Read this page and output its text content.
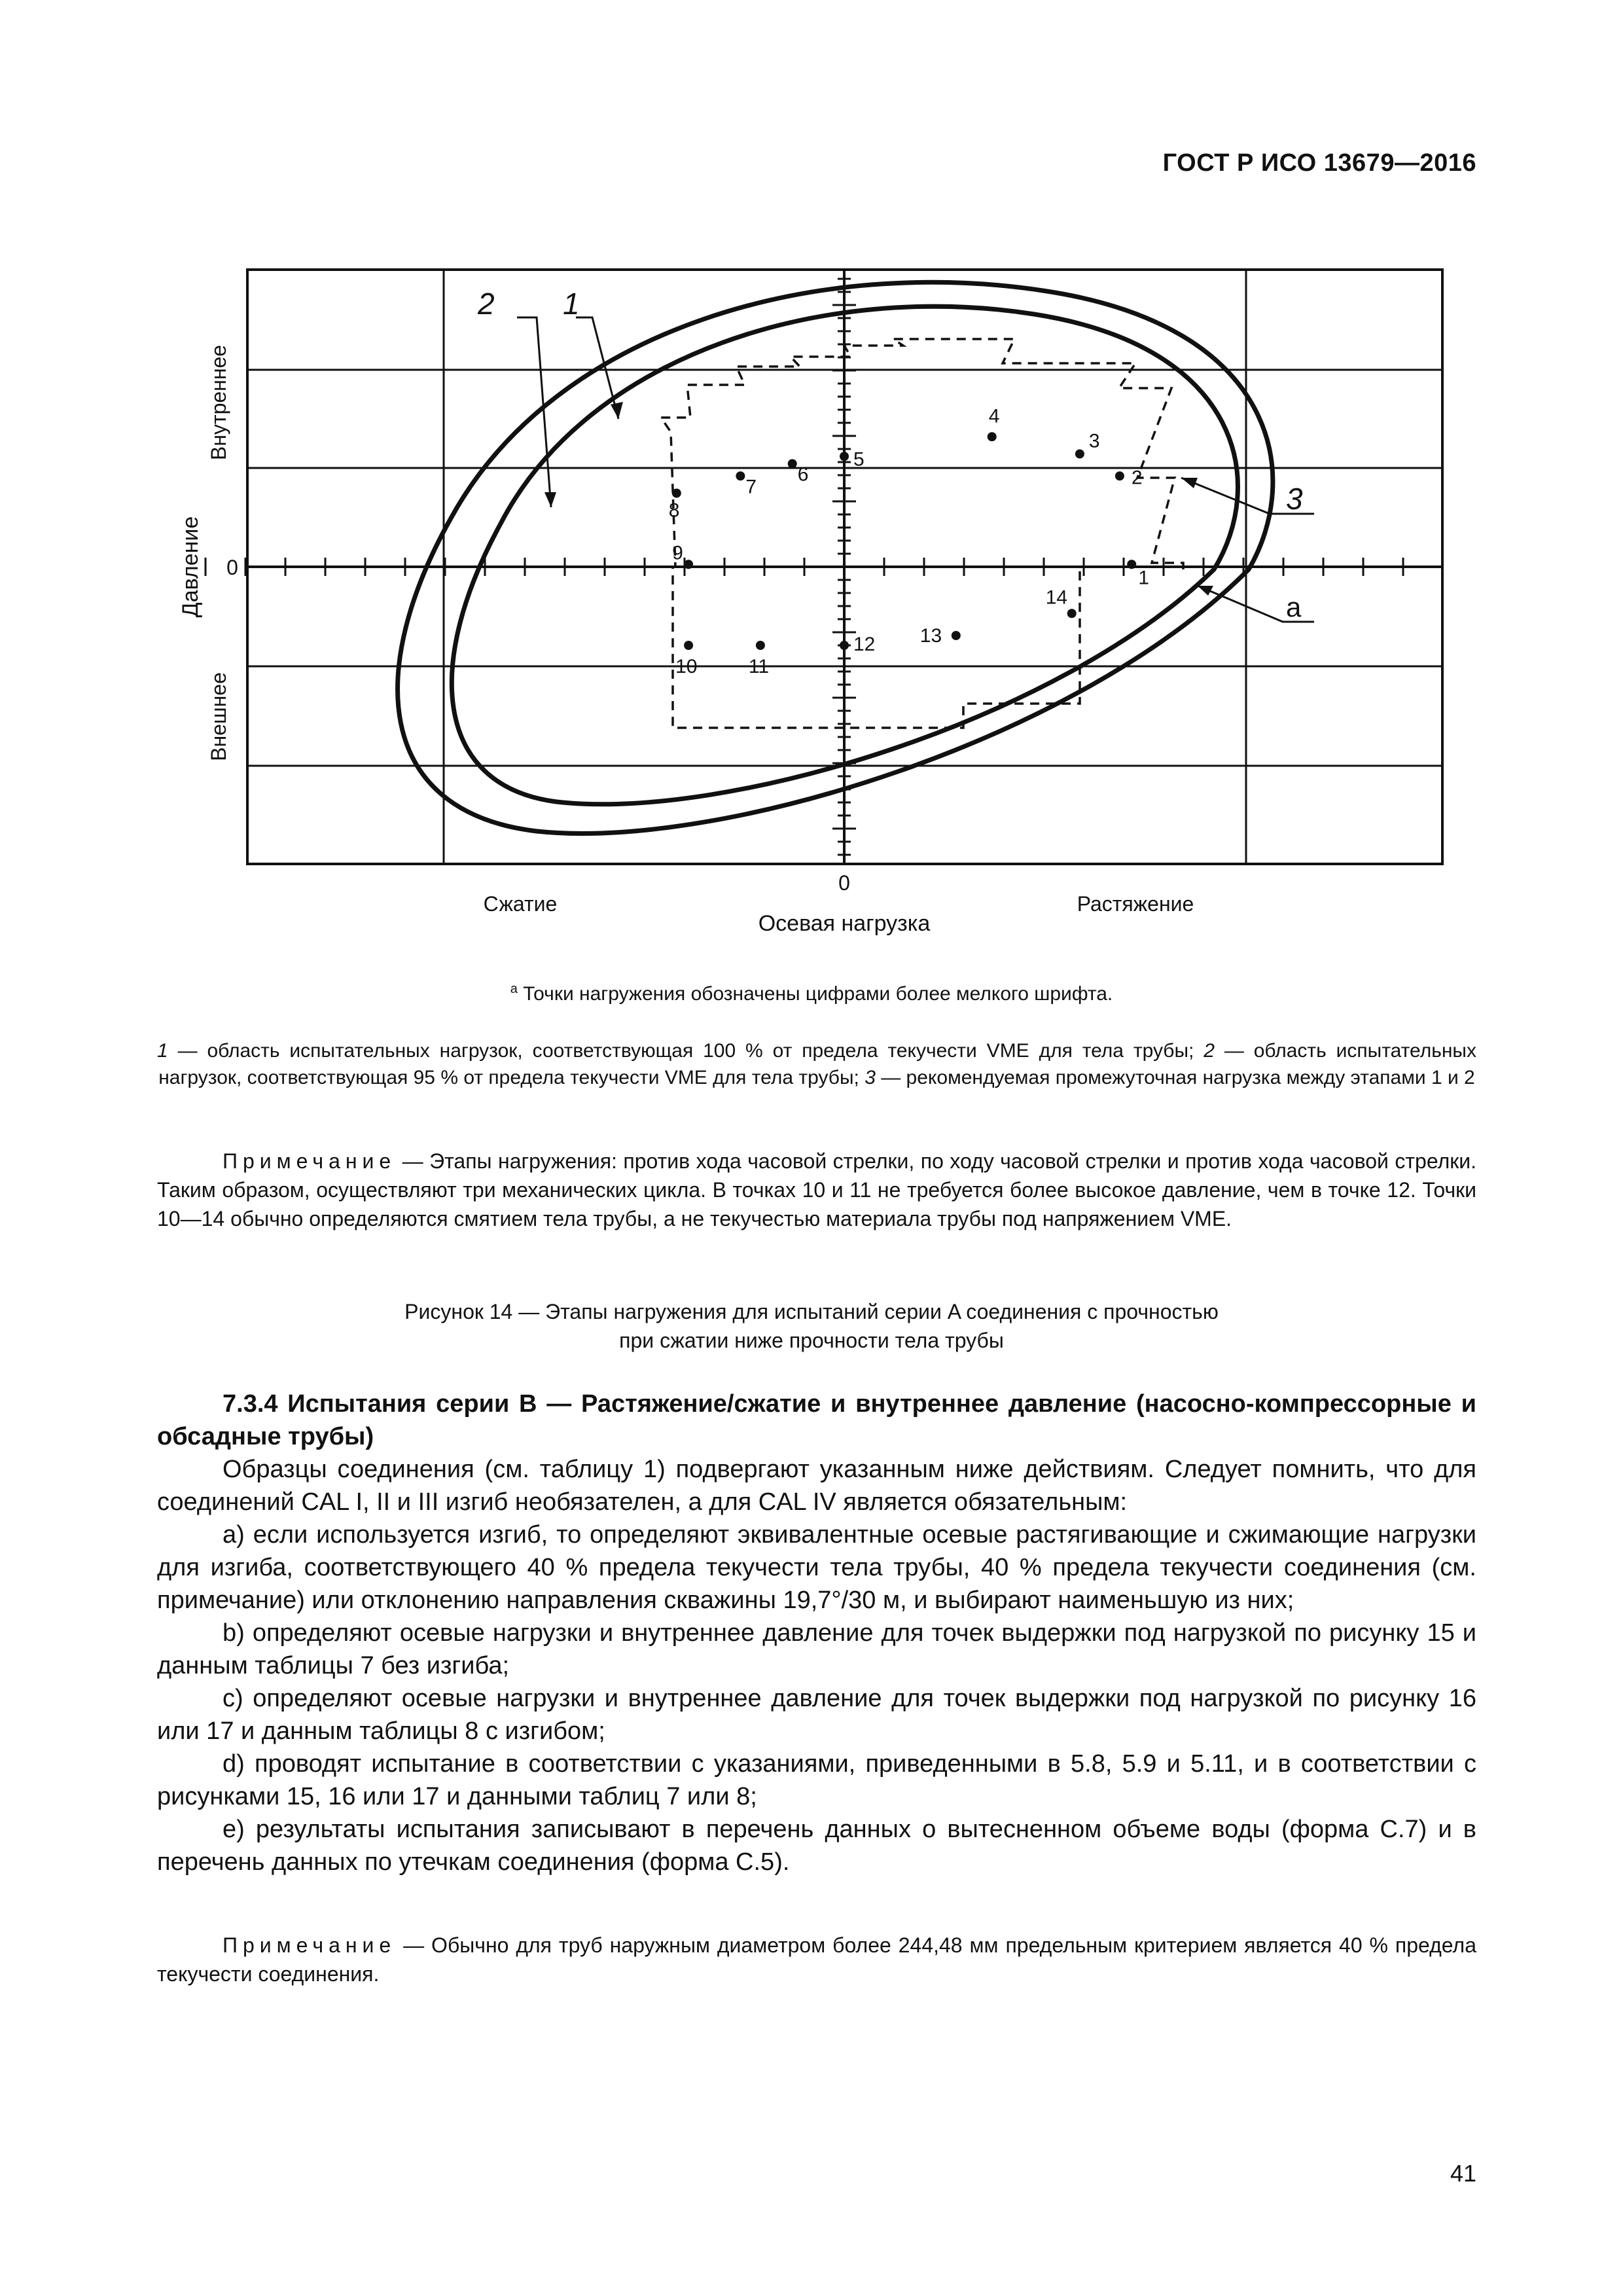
ГОСТ Р ИСО 13679—2016
1
2
3
4
5
6
7
8
9
10	11
12 13
14
2 1
3
a
0
0
Сжатие	Растяжение
Осевая нагрузка
Внутреннее
Внешнее
Давление
$^a$ Точки нагружения обозначены цифрами более мелкого шрифта.
1 — область испытательных нагрузок, соответствующая 100 % от предела текучести VME для тела трубы; 2 — область испытательных нагрузок, соответствующая 95 % от предела текучести VME для тела трубы; 3 — рекомендуемая промежуточная нагрузка между этапами 1 и 2
Примечание — Этапы нагружения: против хода часовой стрелки, по ходу часовой стрелки и против хода часовой стрелки. Таким образом, осуществляют три механических цикла. В точках 10 и 11 не требуется более высокое давление, чем в точке 12. Точки 10—14 обычно определяются смятием тела трубы, а не текучестью материала трубы под напряжением VME.
Рисунок 14 — Этапы нагружения для испытаний серии A соединения с прочностью
при сжатии ниже прочности тела трубы

7.3.4 Испытания серии B — Растяжение/сжатие и внутреннее давление (насосно-компрессорные и обсадные трубы)

Образцы соединения (см. таблицу 1) подвергают указанным ниже действиям. Следует помнить, что для соединений CAL I, II и III изгиб необязателен, а для CAL IV является обязательным:

a) если используется изгиб, то определяют эквивалентные осевые растягивающие и сжимающие нагрузки для изгиба, соответствующего 40 % предела текучести тела трубы, 40 % предела текучести соединения (см. примечание) или отклонению направления скважины 19,7°/30 м, и выбирают наименьшую из них;

b) определяют осевые нагрузки и внутреннее давление для точек выдержки под нагрузкой по рисунку 15 и данным таблицы 7 без изгиба;

c) определяют осевые нагрузки и внутреннее давление для точек выдержки под нагрузкой по рисунку 16 или 17 и данным таблицы 8 с изгибом;

d) проводят испытание в соответствии с указаниями, приведенными в 5.8, 5.9 и 5.11, и в соответствии с рисунками 15, 16 или 17 и данными таблиц 7 или 8;

e) результаты испытания записывают в перечень данных о вытесненном объеме воды (форма C.7) и в перечень данных по утечкам соединения (форма C.5).

Примечание — Обычно для труб наружным диаметром более 244,48 мм предельным критерием является 40 % предела текучести соединения.
41
